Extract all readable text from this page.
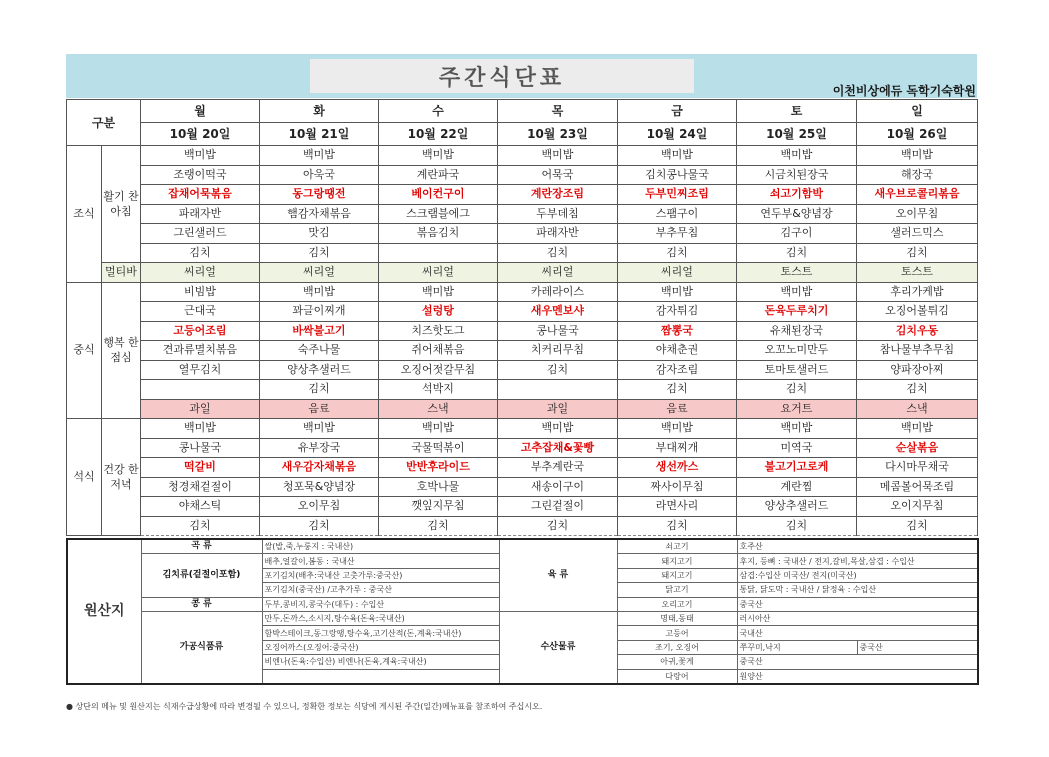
주간식단표
이천비상에듀 독학기숙학원
구분		월	화	수	목	금	토	일
		10월 20일	10월 21일	10월 22일	10월 23일	10월 24일	10월 25일	10월 26일
조식	활기 찬 아침	백미밥	백미밥	백미밥	백미밥	백미밥	백미밥	백미밥
		조랭이떡국	아욱국	계란파국	어묵국	김치콩나물국	시금치된장국	해장국
		잡채어묵볶음	동그랑땡전	베이컨구이	계란장조림	두부민찌조림	쇠고기함박	새우브로콜리볶음
		파래자반	햄감자채볶음	스크램블에그	두부데침	스팸구이	연두부&양념장	오이무침
		그린샐러드	맛김	볶음김치	파래자반	부추무침	김구이	샐러드믹스
		김치	김치		김치	김치	김치	김치
	멀티바	씨리얼	씨리얼	씨리얼	씨리얼	씨리얼	토스트	토스트
중식	행복 한 점심	비빔밥	백미밥	백미밥	카레라이스	백미밥	백미밥	후리가케밥
		근대국	꽈글이찌개	설렁탕	새우멘보샤	감자튀김	돈육두루치기	오징어볼튀김
		고등어조림	바싹불고기	치즈핫도그	콩나물국	짬뽕국	유채된장국	김치우동
		견과류멸치볶음	숙주나물	쥐어채볶음	치커리무침	야채춘권	오꼬노미만두	참나물부추무침
		열무김치	양상추샐러드	오징어젓갈무침	김치	감자조림	토마토샐러드	양파장아찌
			김치	석박지		김치	김치	김치
		과일	음료	스낵	과일	음료	요거트	스낵
석식	건강 한 저녁	백미밥	백미밥	백미밥	백미밥	백미밥	백미밥	백미밥
		콩나물국	유부장국	국물떡볶이	고추잡채&꽃빵	부대찌개	미역국	순살볶음
		떡갈비	새우감자채볶음	반반후라이드	부추계란국	생선까스	불고기고로케	다시마무채국
		청경채겉절이	청포묵&양념장	호박나물	새송이구이	짜사이무침	계란찜	메콤볼어묵조림
		야채스틱	오이무침	깻잎지무침	그린겉절이	라면사리	양상추샐러드	오이지무침
		김치	김치	김치	김치	김치	김치	김치
원산지	곡 류	쌀(밥,죽,누룽지 : 국내산)	육 류	쇠고기	호주산	
	김치류(겉절이포함)	배추,얼갈이,봄동 : 국내산		돼지고기	후지, 등뼈 : 국내산 / 전지,갈비,목살,삼겹 : 수입산	
		포기김치(배추:국내산 고춧가루:중국산)		돼지고기	삼겹:수입산 미국산/ 전지(미국산)	
		포기김치(중국산) /고추가루 : 중국산		닭고기	통닭, 닭도막 : 국내산 / 닭정육 : 수입산	
	콩 류	두부,콩비지,콩국수(대두) : 수입산		오리고기	중국산	
	가공식품류	만두,돈까스,소시지,탕수육(돈육:국내산)	수산물류	명태,동태	러시아산	
		함박스테이크,동그랑땡,탕수육,고기산적(돈,계육:국내산)		고등어	국내산	
		오징어까스(오징어:중국산)		조기, 오징어	쭈꾸미,낙지	중국산
		비엔나(돈육:수입산) 비엔나(돈육,계육:국내산)		아귀,꽃게	중국산	
				다랑어	원양산	
● 상단의 메뉴 및 원산지는 식재수급상황에 따라 변경될 수 있으니, 정확한 정보는 식당에 게시된 주간(일간)메뉴표를 참조하여 주십시오.
